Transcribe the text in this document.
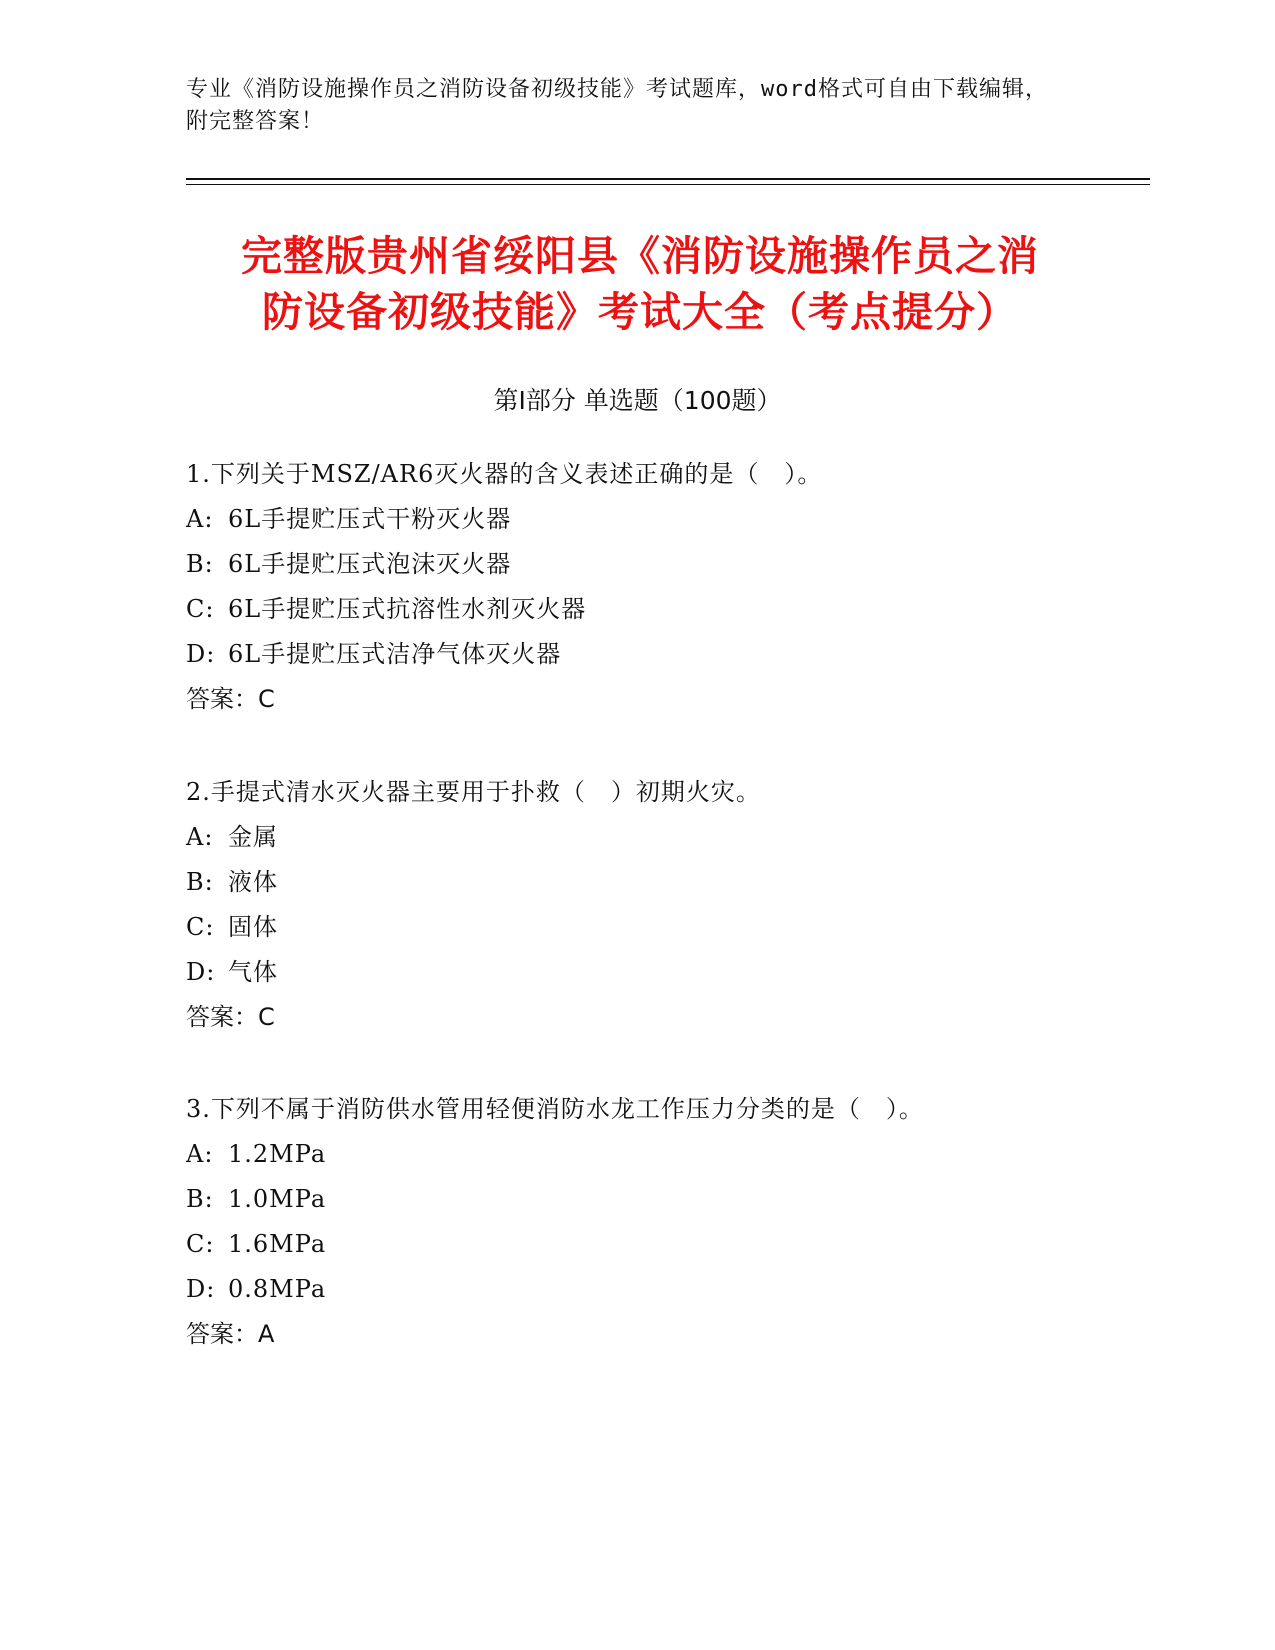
专业《消防设施操作员之消防设备初级技能》考试题库，word格式可自由下载编辑，附完整答案！
完整版贵州省绥阳县《消防设施操作员之消
防设备初级技能》考试大全（考点提分）
第Ⅰ部分 单选题（100题）
1.下列关于MSZ/AR6灭火器的含义表述正确的是（　）。
A: 6L手提贮压式干粉灭火器
B: 6L手提贮压式泡沫灭火器
C: 6L手提贮压式抗溶性水剂灭火器
D: 6L手提贮压式洁净气体灭火器
答案：C
2.手提式清水灭火器主要用于扑救（　）初期火灾。
A: 金属
B: 液体
C: 固体
D: 气体
答案：C
3.下列不属于消防供水管用轻便消防水龙工作压力分类的是（　）。
A: 1.2MPa
B: 1.0MPa
C: 1.6MPa
D: 0.8MPa
答案：A
